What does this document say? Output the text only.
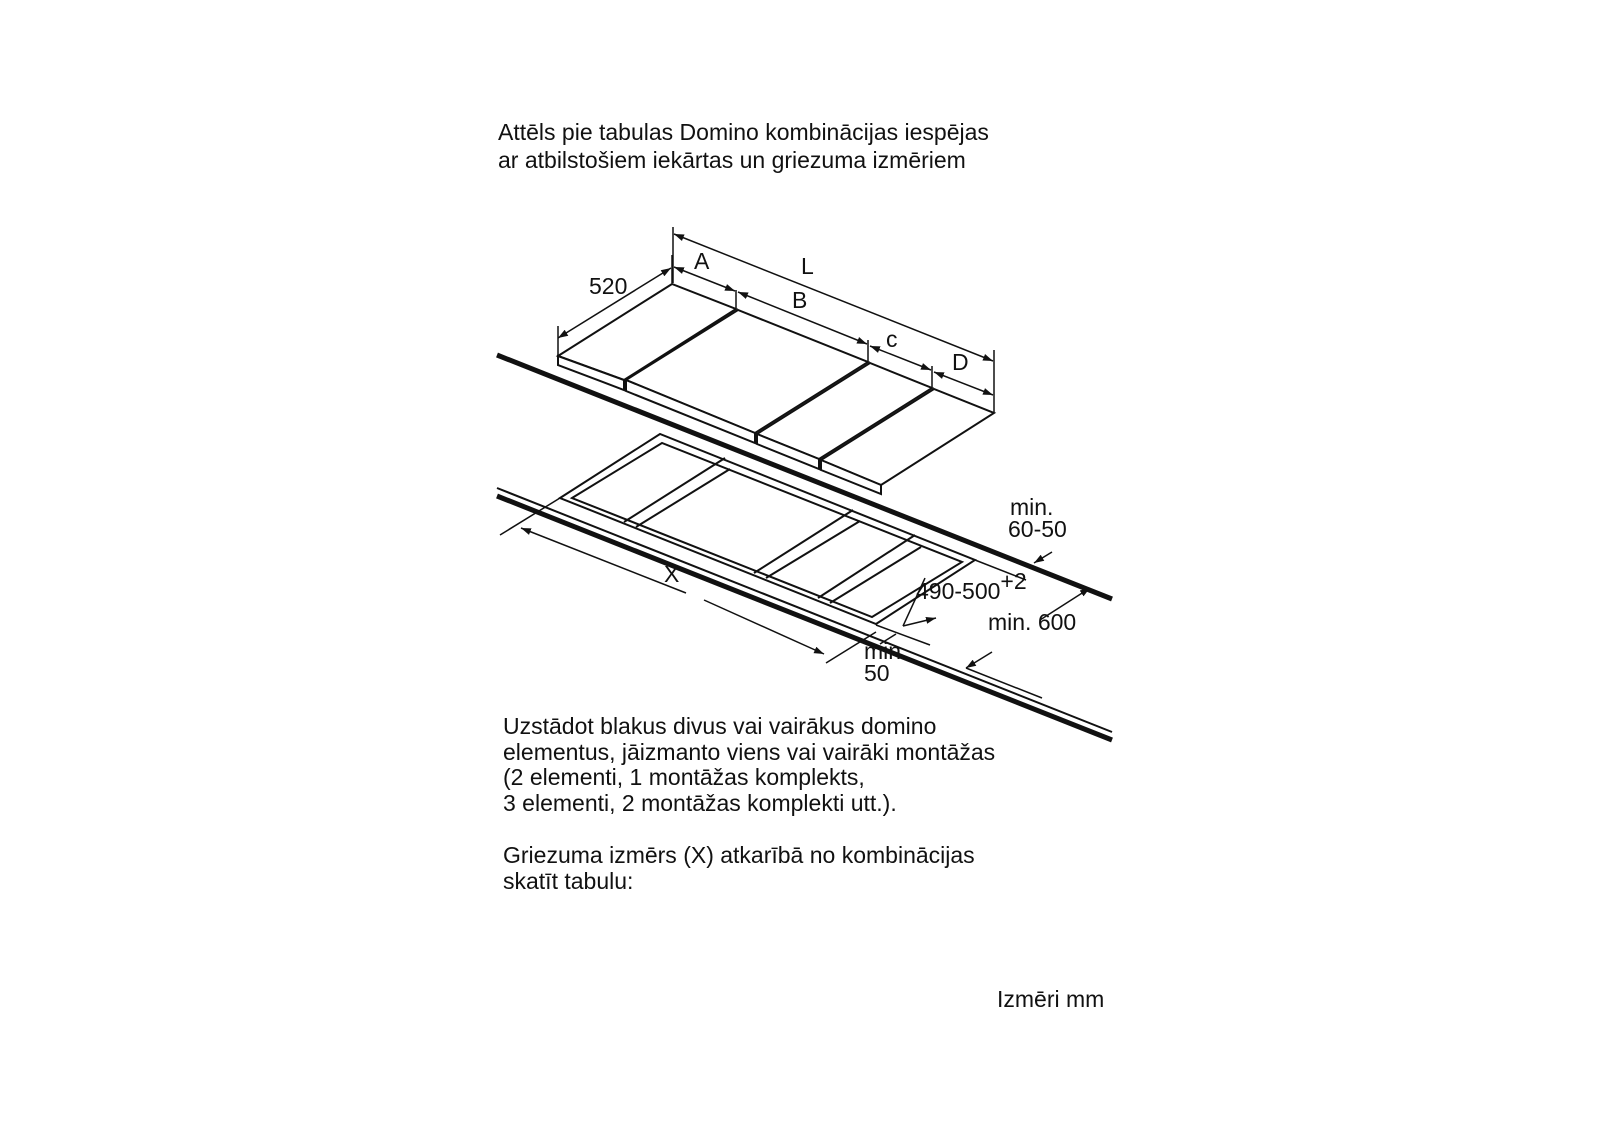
Attēls pie tabulas Domino kombinācijas iespējas
ar atbilstošiem iekārtas un griezuma izmēriem
520
L
A
B
c
D
X
min.
60-50
490-500+2
min. 600
min.
50
Uzstādot blakus divus vai vairākus domino
elementus, jāizmanto viens vai vairāki montāžas
(2 elementi, 1 montāžas komplekts,
3 elementi, 2 montāžas komplekti utt.).
Griezuma izmērs (X) atkarībā no kombinācijas
skatīt tabulu:
Izmēri mm
